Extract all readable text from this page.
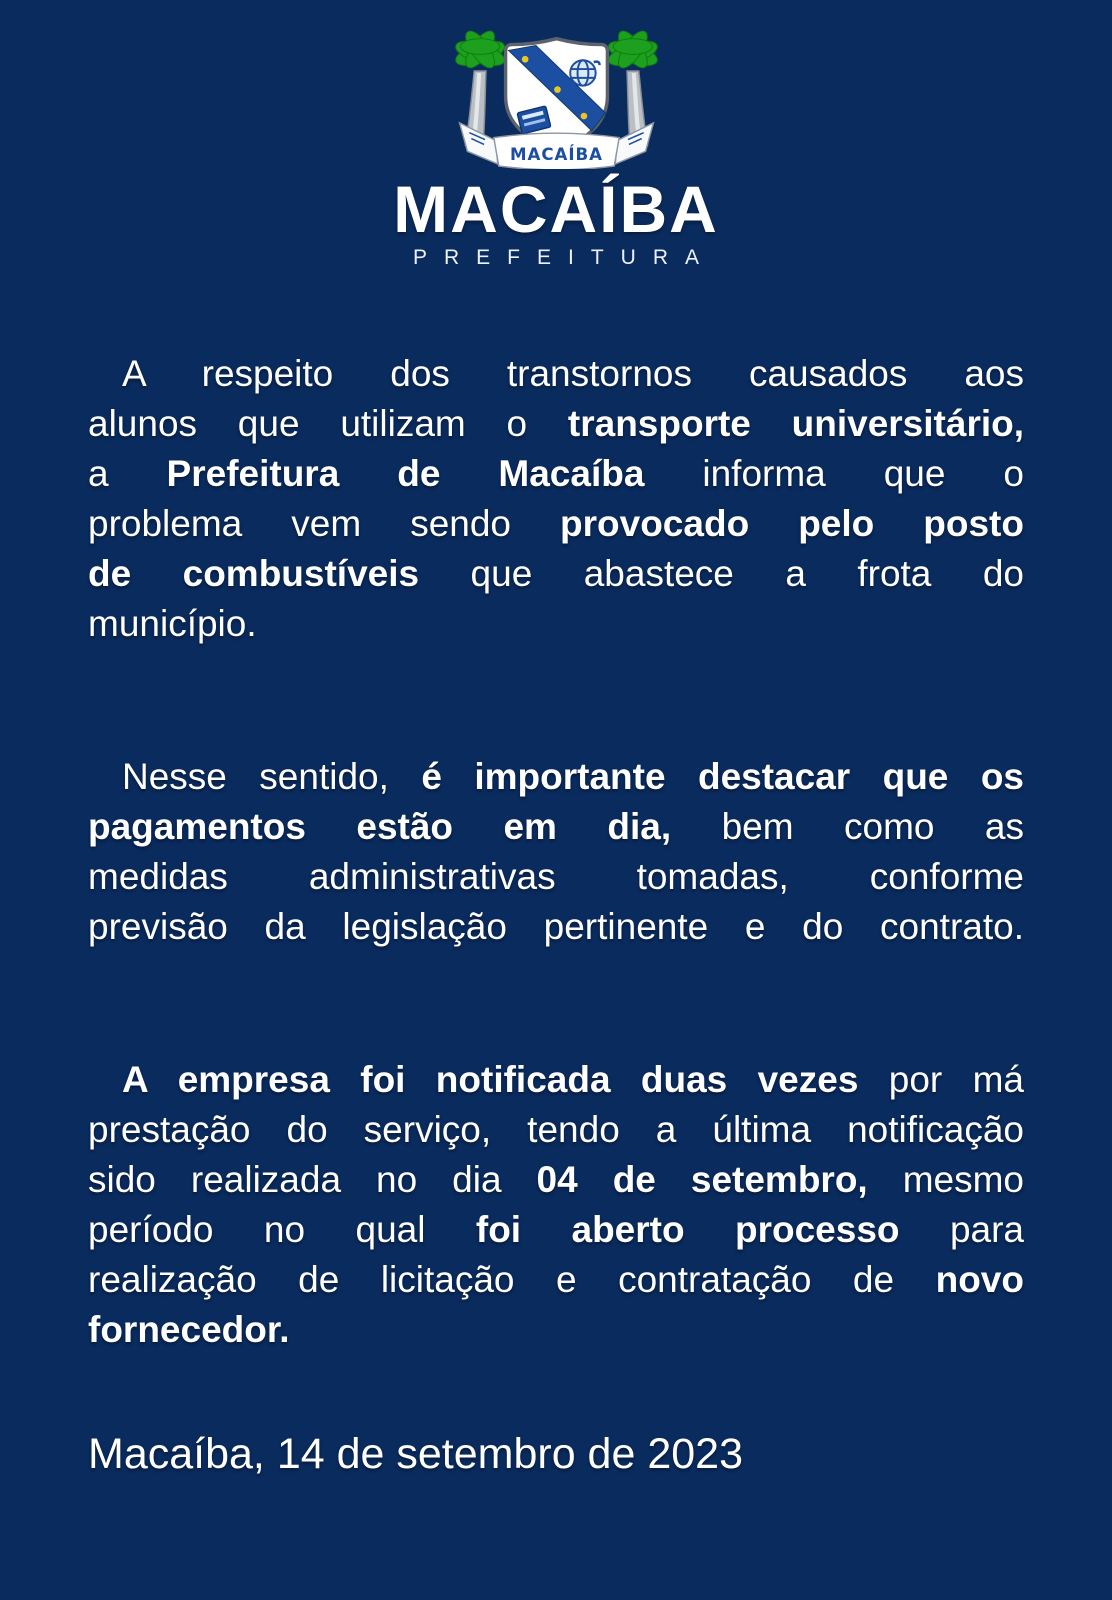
MACAÍBA
MACAÍBA
PREFEITURA
A respeito dos transtornos causados aos
alunos que utilizam o transporte universitário,
a Prefeitura de Macaíba informa que o
problema vem sendo provocado pelo posto
de combustíveis que abastece a frota do
município.
Nesse sentido, é importante destacar que os
pagamentos estão em dia, bem como as
medidas administrativas tomadas, conforme
previsão da legislação pertinente e do contrato.
A empresa foi notificada duas vezes por má
prestação do serviço, tendo a última notificação
sido realizada no dia 04 de setembro, mesmo
período no qual foi aberto processo para
realização de licitação e contratação de novo
fornecedor.
Macaíba, 14 de setembro de 2023
